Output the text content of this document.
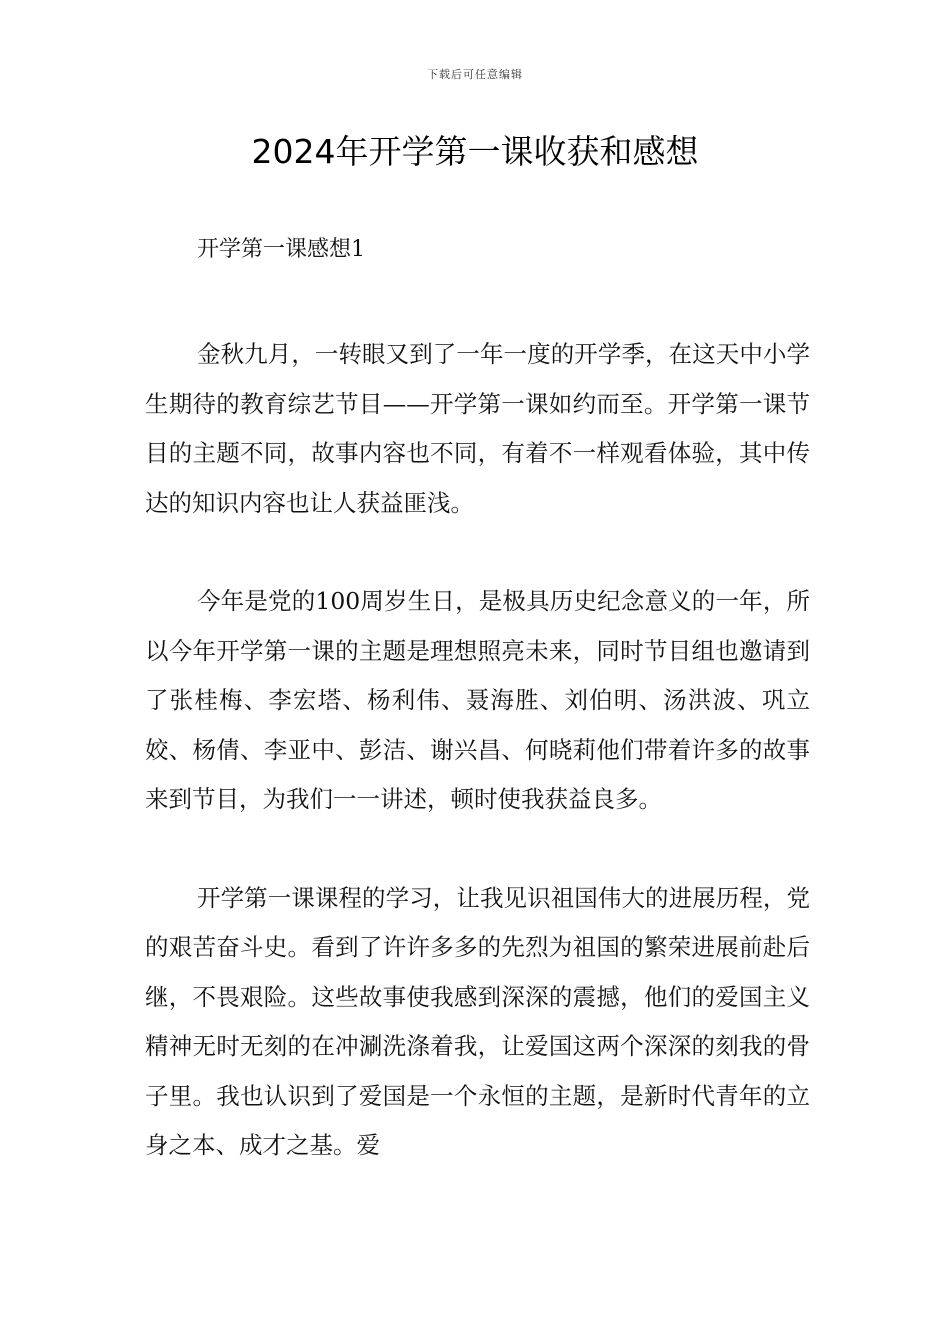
下载后可任意编辑
2024年开学第一课收获和感想

开学第一课感想1

金秋九月，一转眼又到了一年一度的开学季，在这天中小学生期待的教育综艺节目——开学第一课如约而至。开学第一课节目的主题不同，故事内容也不同，有着不一样观看体验，其中传达的知识内容也让人获益匪浅。

今年是党的100周岁生日，是极具历史纪念意义的一年，所以今年开学第一课的主题是理想照亮未来，同时节目组也邀请到了张桂梅、李宏塔、杨利伟、聂海胜、刘伯明、汤洪波、巩立姣、杨倩、李亚中、彭洁、谢兴昌、何晓莉他们带着许多的故事来到节目，为我们一一讲述，顿时使我获益良多。

开学第一课课程的学习，让我见识祖国伟大的进展历程，党的艰苦奋斗史。看到了许许多多的先烈为祖国的繁荣进展前赴后继，不畏艰险。这些故事使我感到深深的震撼，他们的爱国主义精神无时无刻的在冲涮洗涤着我，让爱国这两个深深的刻我的骨子里。我也认识到了爱国是一个永恒的主题，是新时代青年的立身之本、成才之基。爱
